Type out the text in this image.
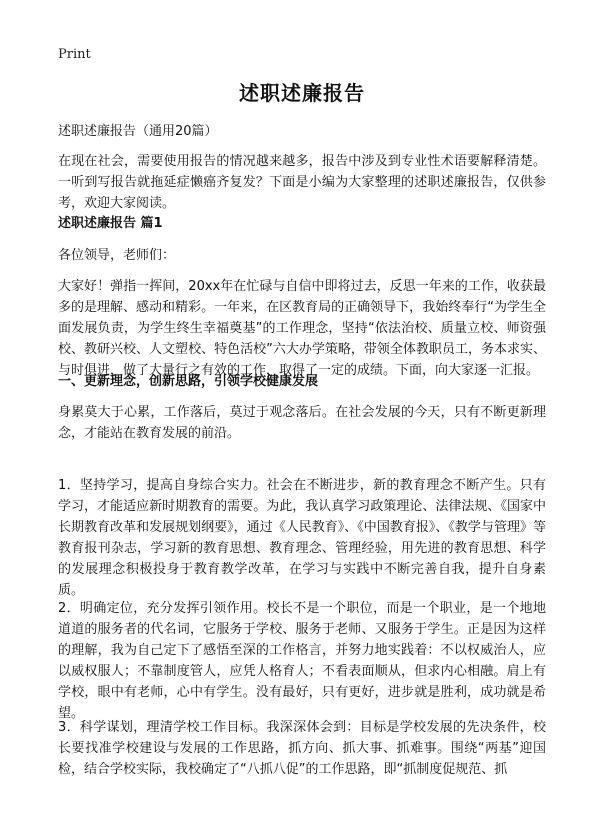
Print
述职述廉报告
述职述廉报告（通用20篇）
在现在社会，需要使用报告的情况越来越多，报告中涉及到专业性术语要解释清楚。一听到写报告就拖延症懒癌齐复发？下面是小编为大家整理的述职述廉报告，仅供参考，欢迎大家阅读。
述职述廉报告 篇1
各位领导，老师们：
大家好！弹指一挥间，20xx年在忙碌与自信中即将过去，反思一年来的工作，收获最多的是理解、感动和精彩。一年来，在区教育局的正确领导下，我始终奉行“为学生全面发展负责，为学生终生幸福奠基”的工作理念，坚持“依法治校、质量立校、师资强校、教研兴校、人文塑校、特色活校”六大办学策略，带领全体教职员工，务本求实、与时俱进，做了大量行之有效的工作，取得了一定的成绩。下面，向大家逐一汇报。
一、更新理念，创新思路，引领学校健康发展
身累莫大于心累，工作落后，莫过于观念落后。在社会发展的今天，只有不断更新理念，才能站在教育发展的前沿。
1．坚持学习，提高自身综合实力。社会在不断进步，新的教育理念不断产生。只有学习，才能适应新时期教育的需要。为此，我认真学习政策理论、法律法规、《国家中长期教育改革和发展规划纲要》，通过《人民教育》、《中国教育报》、《教学与管理》等教育报刊杂志，学习新的教育思想、教育理念、管理经验，用先进的教育思想、科学的发展理念积极投身于教育教学改革，在学习与实践中不断完善自我，提升自身素质。
2．明确定位，充分发挥引领作用。校长不是一个职位，而是一个职业，是一个地地道道的服务者的代名词，它服务于学校、服务于老师、又服务于学生。正是因为这样的理解，我为自己定下了感悟至深的工作格言，并努力地实践着：不以权威治人，应以威权服人；不靠制度管人，应凭人格育人；不看表面顺从，但求内心相融。肩上有学校，眼中有老师，心中有学生。没有最好，只有更好，进步就是胜利，成功就是希望。
3．科学谋划，理清学校工作目标。我深深体会到：目标是学校发展的先决条件，校长要找准学校建设与发展的工作思路，抓方向、抓大事、抓难事。围绕“两基”迎国检，结合学校实际，我校确定了“八抓八促”的工作思路，即“抓制度促规范、抓
